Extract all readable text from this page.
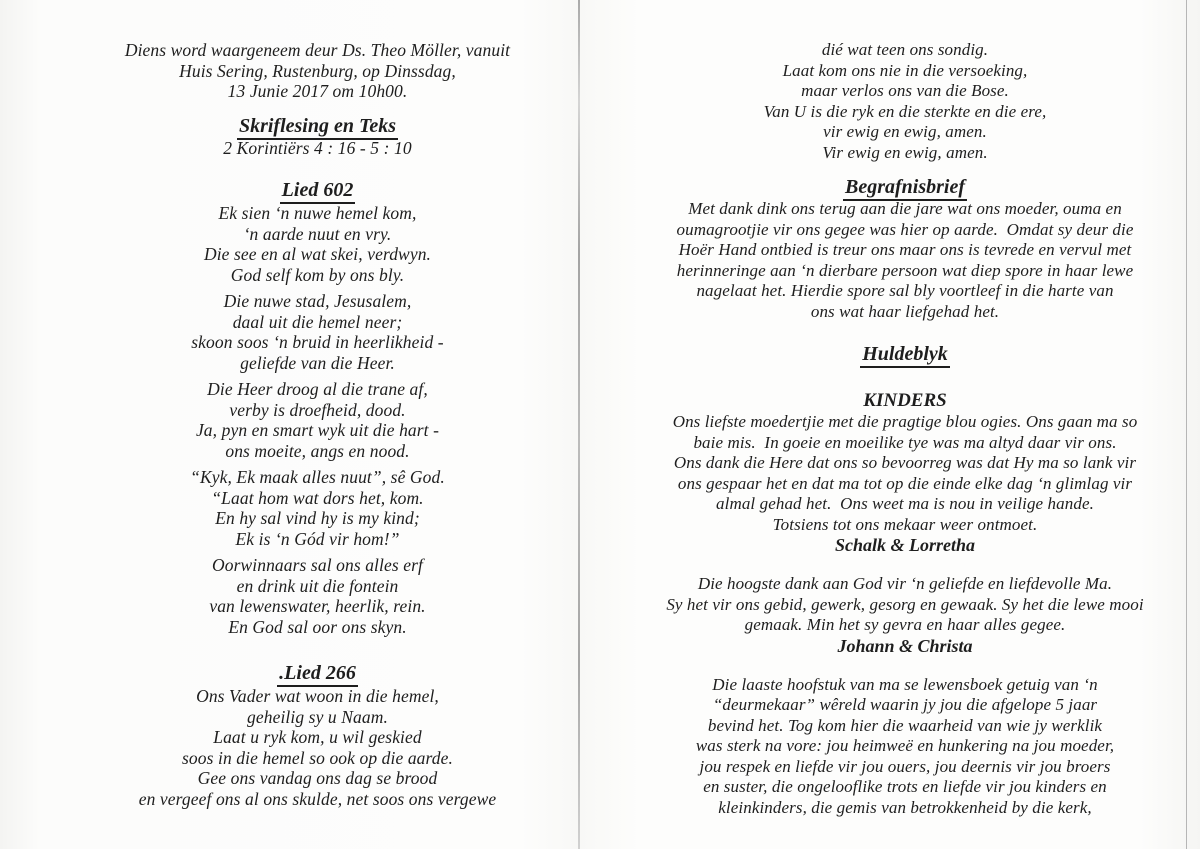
Diens word waargeneem deur Ds. Theo Möller, vanuit
Huis Sering, Rustenburg, op Dinssdag,
13 Junie 2017 om 10h00.
Skriflesing en Teks
2 Korintiërs 4 : 16 - 5 : 10
Lied 602
Ek sien ‘n nuwe hemel kom,
‘n aarde nuut en vry.
Die see en al wat skei, verdwyn.
God self kom by ons bly.
Die nuwe stad, Jesusalem,
daal uit die hemel neer;
skoon soos ‘n bruid in heerlikheid -
geliefde van die Heer.
Die Heer droog al die trane af,
verby is droefheid, dood.
Ja, pyn en smart wyk uit die hart -
ons moeite, angs en nood.
“Kyk, Ek maak alles nuut”, sê God.
“Laat hom wat dors het, kom.
En hy sal vind hy is my kind;
Ek is ‘n Gód vir hom!”
Oorwinnaars sal ons alles erf
en drink uit die fontein
van lewenswater, heerlik, rein.
En God sal oor ons skyn.
.Lied 266
Ons Vader wat woon in die hemel,
geheilig sy u Naam.
Laat u ryk kom, u wil geskied
soos in die hemel so ook op die aarde.
Gee ons vandag ons dag se brood
en vergeef ons al ons skulde, net soos ons vergewe
dié wat teen ons sondig.
Laat kom ons nie in die versoeking,
maar verlos ons van die Bose.
Van U is die ryk en die sterkte en die ere,
vir ewig en ewig, amen.
Vir ewig en ewig, amen.
Begrafnisbrief
Met dank dink ons terug aan die jare wat ons moeder, ouma en
oumagrootjie vir ons gegee was hier op aarde.  Omdat sy deur die
Hoër Hand ontbied is treur ons maar ons is tevrede en vervul met
herinneringe aan ‘n dierbare persoon wat diep spore in haar lewe
nagelaat het. Hierdie spore sal bly voortleef in die harte van
ons wat haar liefgehad het.
Huldeblyk
KINDERS
Ons liefste moedertjie met die pragtige blou ogies. Ons gaan ma so
baie mis.  In goeie en moeilike tye was ma altyd daar vir ons.
Ons dank die Here dat ons so bevoorreg was dat Hy ma so lank vir
ons gespaar het en dat ma tot op die einde elke dag ‘n glimlag vir
almal gehad het.  Ons weet ma is nou in veilige hande.
Totsiens tot ons mekaar weer ontmoet.
Schalk & Lorretha
Die hoogste dank aan God vir ‘n geliefde en liefdevolle Ma.
Sy het vir ons gebid, gewerk, gesorg en gewaak. Sy het die lewe mooi
gemaak. Min het sy gevra en haar alles gegee.
Johann & Christa
Die laaste hoofstuk van ma se lewensboek getuig van ‘n
“deurmekaar” wêreld waarin jy jou die afgelope 5 jaar
bevind het. Tog kom hier die waarheid van wie jy werklik
was sterk na vore: jou heimweë en hunkering na jou moeder,
jou respek en liefde vir jou ouers, jou deernis vir jou broers
en suster, die ongelooflike trots en liefde vir jou kinders en
kleinkinders, die gemis van betrokkenheid by die kerk,
